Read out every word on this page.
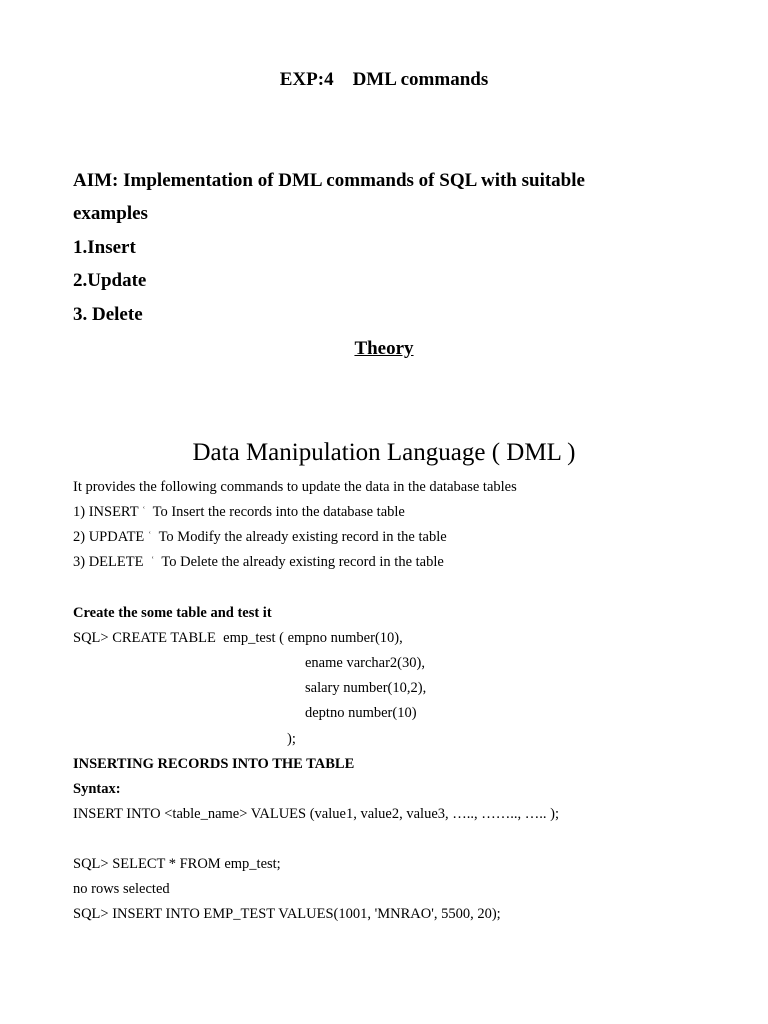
EXP:4    DML commands
AIM: Implementation of DML commands of SQL with suitable
examples
1.Insert
2.Update
3. Delete
Theory
Data Manipulation Language ( DML )
It provides the following commands to update the data in the database tables
1) INSERT ʿ  To Insert the records into the database table
2) UPDATE ʿ  To Modify the already existing record in the table
3) DELETE  ʿ  To Delete the already existing record in the table
Create the some table and test it
SQL> CREATE TABLE  emp_test ( empno number(10),
ename varchar2(30),
salary number(10,2),
deptno number(10)
);
INSERTING RECORDS INTO THE TABLE
Syntax:
INSERT INTO <table_name> VALUES (value1, value2, value3, ….., …….., ….. );
SQL> SELECT * FROM emp_test;
no rows selected
SQL> INSERT INTO EMP_TEST VALUES(1001, 'MNRAO', 5500, 20);
